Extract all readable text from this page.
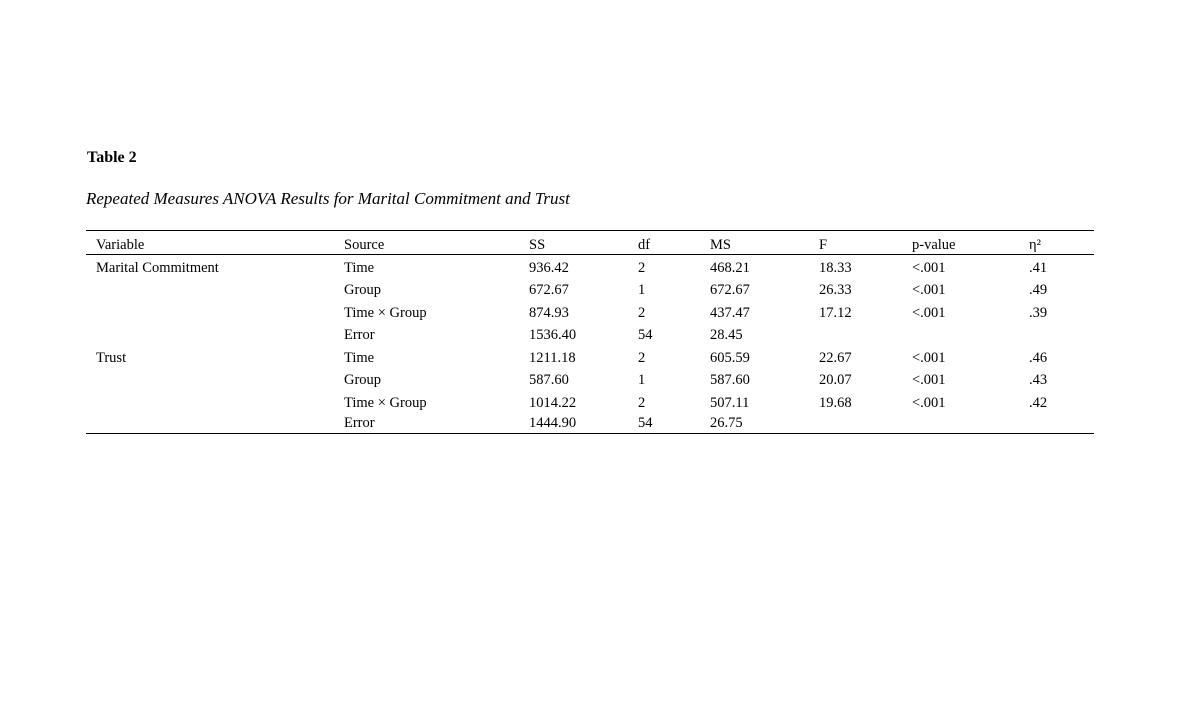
Table 2
Repeated Measures ANOVA Results for Marital Commitment and Trust
Variable	Source	SS	df	MS	F	p-value	η²
Marital Commitment	Time	936.42	2	468.21	18.33	<.001	.41
	Group	672.67	1	672.67	26.33	<.001	.49
	Time × Group	874.93	2	437.47	17.12	<.001	.39
	Error	1536.40	54	28.45			
Trust	Time	1211.18	2	605.59	22.67	<.001	.46
	Group	587.60	1	587.60	20.07	<.001	.43
	Time × Group	1014.22	2	507.11	19.68	<.001	.42
	Error	1444.90	54	26.75			
